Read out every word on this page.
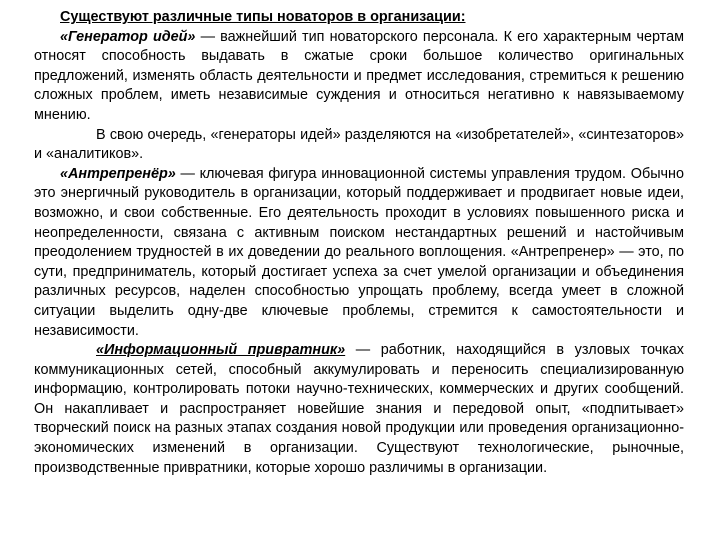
Существуют различные типы новаторов в организации:

«Генератор идей» — важнейший тип новаторского персонала. К его характерным чертам относят способность выдавать в сжатые сроки большое количество оригинальных предложений, изменять область деятельности и предмет исследования, стремиться к решению сложных проблем, иметь независимые суждения и относиться негативно к навязываемому мнению.

В свою очередь, «генераторы идей» разделяются на «изобретателей», «синтезаторов» и «аналитиков».

«Антрепренёр» — ключевая фигура инновационной системы управления трудом. Обычно это энергичный руководитель в организации, который поддерживает и продвигает новые идеи, возможно, и свои собственные. Его деятельность проходит в условиях повышенного риска и неопределенности, связана с активным поиском нестандартных решений и настойчивым преодолением трудностей в их доведении до реального воплощения. «Антрепренер» — это, по сути, предприниматель, который достигает успеха за счет умелой организации и объединения различных ресурсов, наделен способностью упрощать проблему, всегда умеет в сложной ситуации выделить одну-две ключевые проблемы, стремится к самостоятельности и независимости.

«Информационный привратник» — работник, находящийся в узловых точках коммуникационных сетей, способный аккумулировать и переносить специализированную информацию, контролировать потоки научно-технических, коммерческих и других сообщений. Он накапливает и распространяет новейшие знания и передовой опыт, «подпитывает» творческий поиск на разных этапах создания новой продукции или проведения организационно-экономических изменений в организации. Существуют технологические, рыночные, производственные привратники, которые хорошо различимы в организации.
